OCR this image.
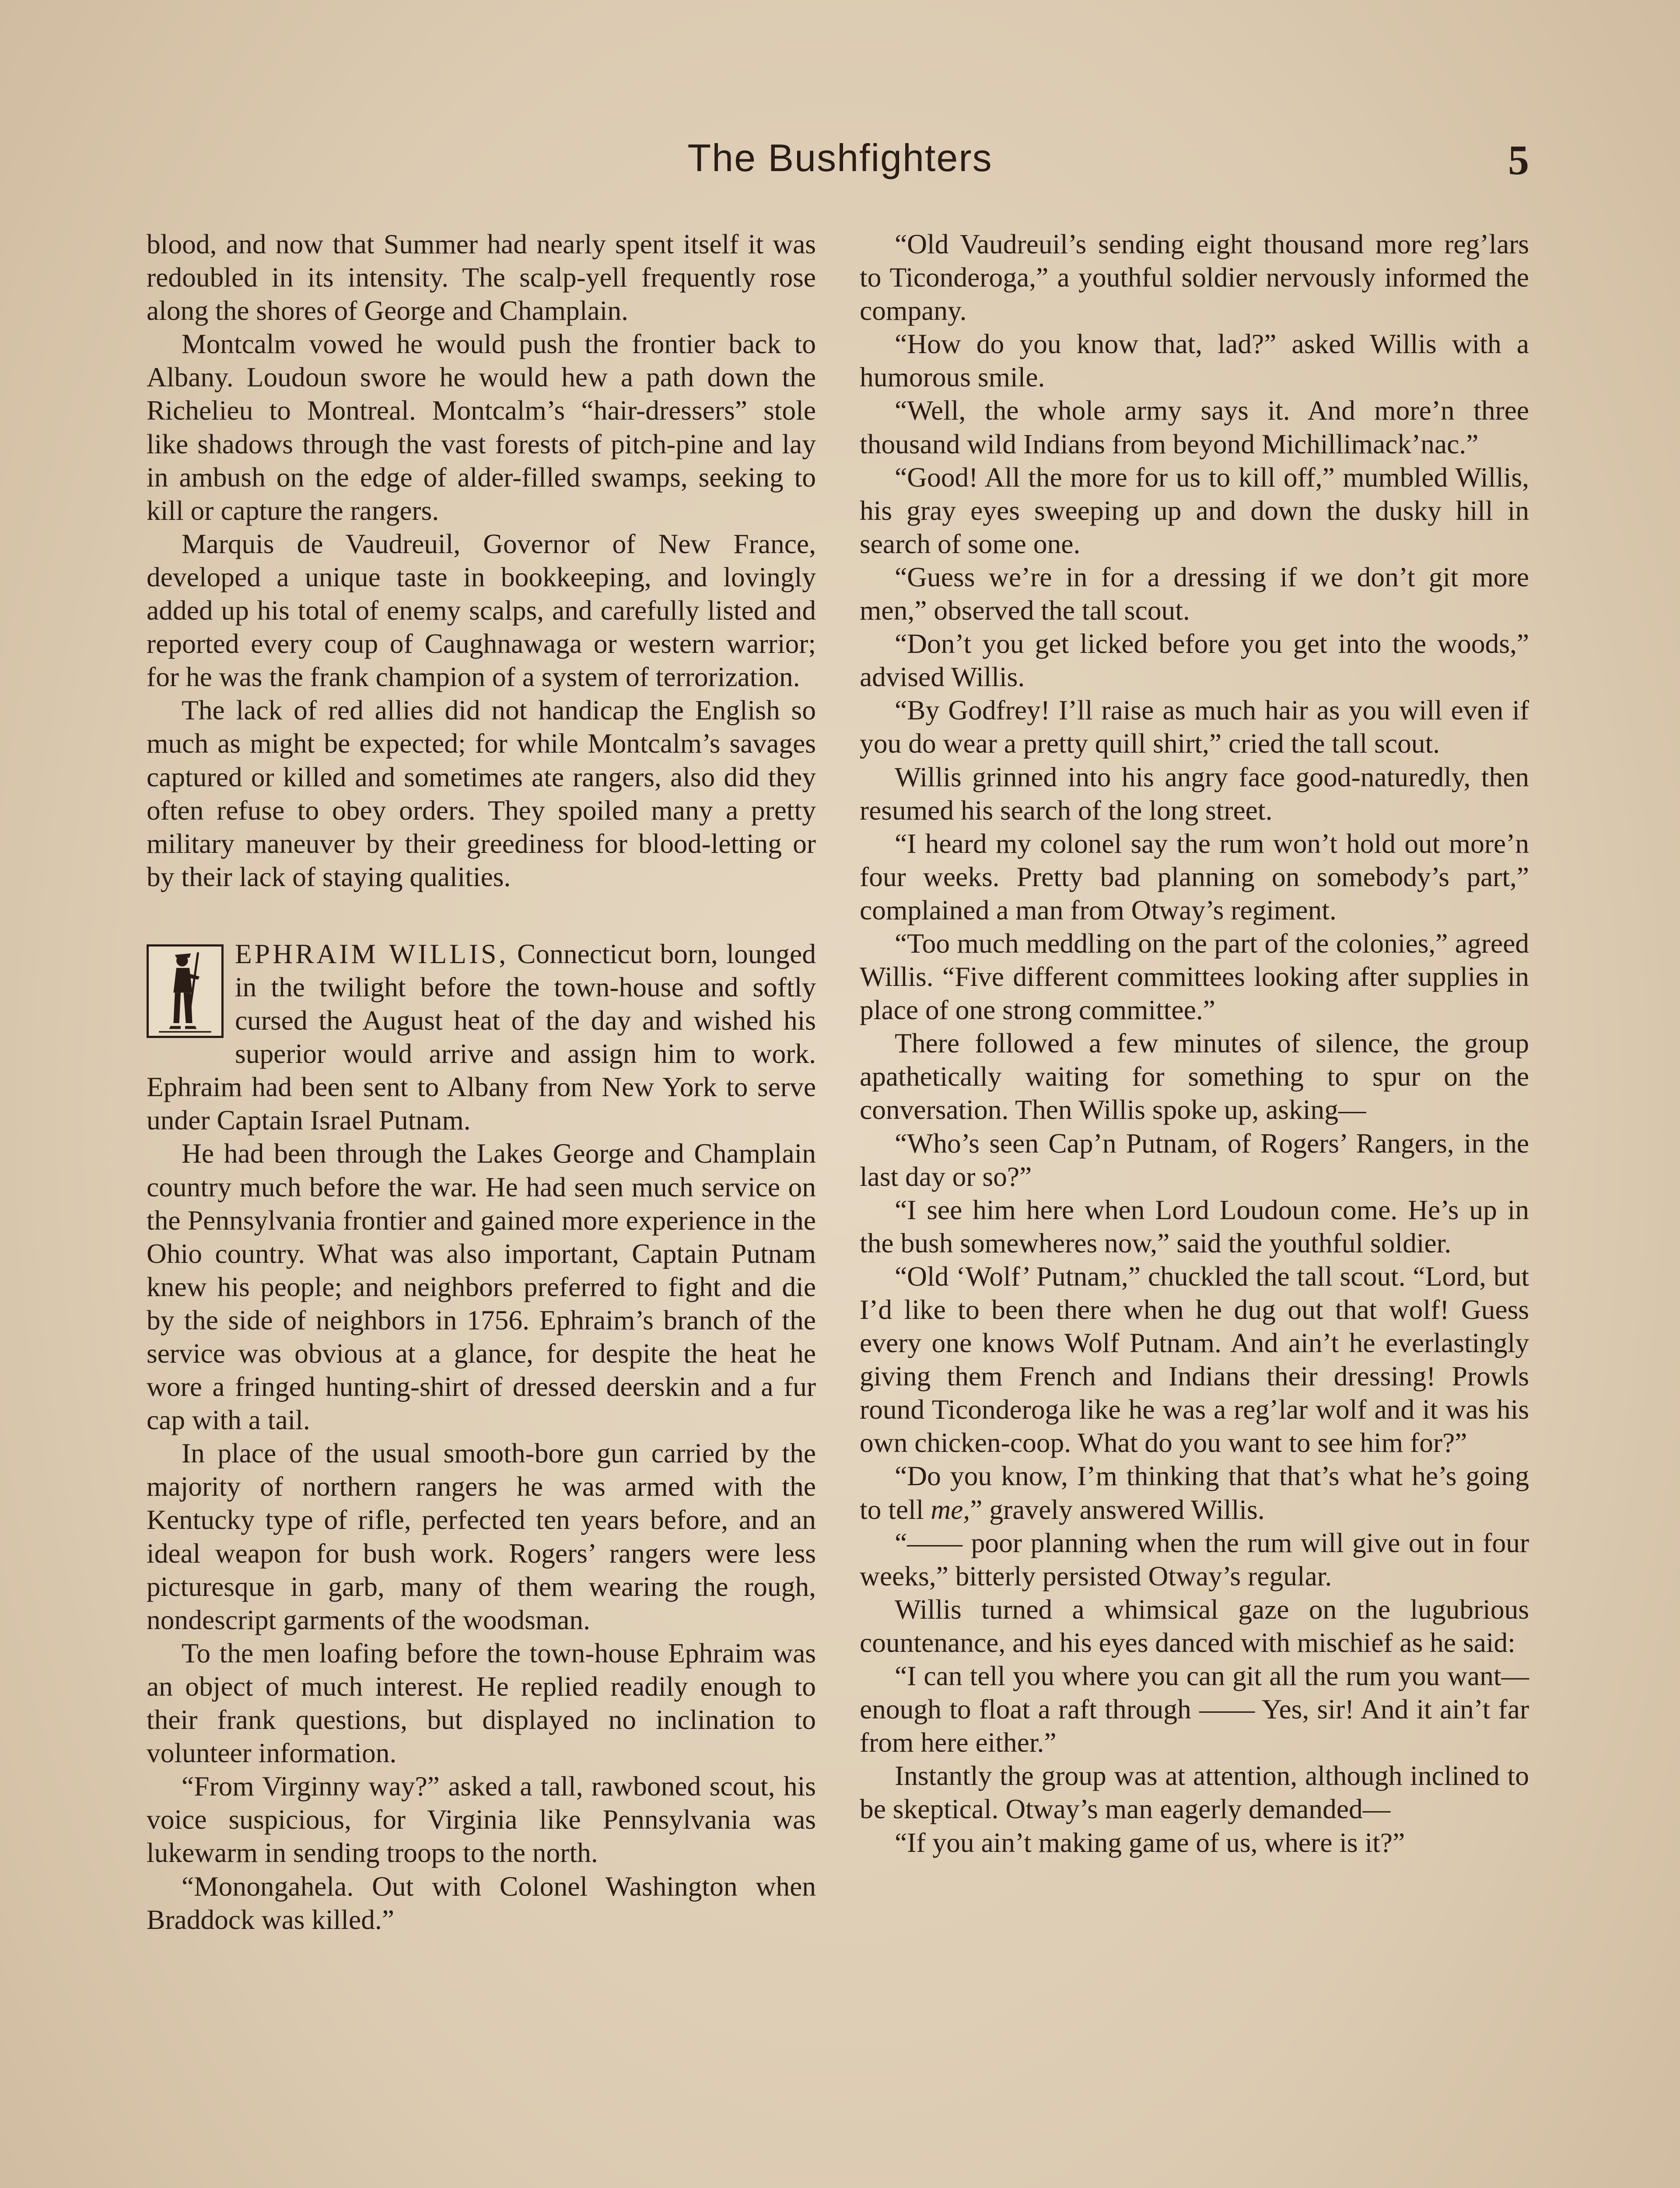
The Bushfighters	5

blood, and now that Summer had nearly spent itself it was redoubled in its intensity. The scalp-yell frequently rose along the shores of George and Champlain.

Montcalm vowed he would push the frontier back to Albany. Loudoun swore he would hew a path down the Richelieu to Montreal. Montcalm’s “hair-dressers” stole like shadows through the vast forests of pitch-pine and lay in ambush on the edge of alder-filled swamps, seeking to kill or capture the rangers.

Marquis de Vaudreuil, Governor of New France, developed a unique taste in bookkeeping, and lovingly added up his total of enemy scalps, and carefully listed and reported every coup of Caughnawaga or western warrior; for he was the frank champion of a system of terrorization.

The lack of red allies did not handicap the English so much as might be expected; for while Montcalm’s savages captured or killed and sometimes ate rangers, also did they often refuse to obey orders. They spoiled many a pretty military maneuver by their greediness for blood-letting or by their lack of staying qualities.

EPHRAIM WILLIS, Connecticut born, lounged in the twilight before the town-house and softly cursed the August heat of the day and wished his superior would arrive and assign him to work. Ephraim had been sent to Albany from New York to serve under Captain Israel Putnam.

He had been through the Lakes George and Champlain country much before the war. He had seen much service on the Pennsylvania frontier and gained more experience in the Ohio country. What was also important, Captain Putnam knew his people; and neighbors preferred to fight and die by the side of neighbors in 1756. Ephraim’s branch of the service was obvious at a glance, for despite the heat he wore a fringed hunting-shirt of dressed deerskin and a fur cap with a tail.

In place of the usual smooth-bore gun carried by the majority of northern rangers he was armed with the Kentucky type of rifle, perfected ten years before, and an ideal weapon for bush work. Rogers’ rangers were less picturesque in garb, many of them wearing the rough, nondescript garments of the woodsman.

To the men loafing before the town-house Ephraim was an object of much interest. He replied readily enough to their frank questions, but displayed no inclination to volunteer information.

“From Virginny way?” asked a tall, rawboned scout, his voice suspicious, for Virginia like Pennsylvania was lukewarm in sending troops to the north.

“Monongahela. Out with Colonel Washington when Braddock was killed.”

“Old Vaudreuil’s sending eight thousand more reg’lars to Ticonderoga,” a youthful soldier nervously informed the company.

“How do you know that, lad?” asked Willis with a humorous smile.

“Well, the whole army says it. And more’n three thousand wild Indians from beyond Michillimack’nac.”

“Good! All the more for us to kill off,” mumbled Willis, his gray eyes sweeping up and down the dusky hill in search of some one.

“Guess we’re in for a dressing if we don’t git more men,” observed the tall scout.

“Don’t you get licked before you get into the woods,” advised Willis.

“By Godfrey! I’ll raise as much hair as you will even if you do wear a pretty quill shirt,” cried the tall scout.

Willis grinned into his angry face good-naturedly, then resumed his search of the long street.

“I heard my colonel say the rum won’t hold out more’n four weeks. Pretty bad planning on somebody’s part,” complained a man from Otway’s regiment.

“Too much meddling on the part of the colonies,” agreed Willis. “Five different committees looking after supplies in place of one strong committee.”

There followed a few minutes of silence, the group apathetically waiting for something to spur on the conversation. Then Willis spoke up, asking—

“Who’s seen Cap’n Putnam, of Rogers’ Rangers, in the last day or so?”

“I see him here when Lord Loudoun come. He’s up in the bush somewheres now,” said the youthful soldier.

“Old ‘Wolf’ Putnam,” chuckled the tall scout. “Lord, but I’d like to been there when he dug out that wolf! Guess every one knows Wolf Putnam. And ain’t he everlastingly giving them French and Indians their dressing! Prowls round Ticonderoga like he was a reg’lar wolf and it was his own chicken-coop. What do you want to see him for?”

“Do you know, I’m thinking that that’s what he’s going to tell me,” gravely answered Willis.

“—— poor planning when the rum will give out in four weeks,” bitterly persisted Otway’s regular.

Willis turned a whimsical gaze on the lugubrious countenance, and his eyes danced with mischief as he said:

“I can tell you where you can git all the rum you want—enough to float a raft through —— Yes, sir! And it ain’t far from here either.”

Instantly the group was at attention, although inclined to be skeptical. Otway’s man eagerly demanded—

“If you ain’t making game of us, where is it?”
